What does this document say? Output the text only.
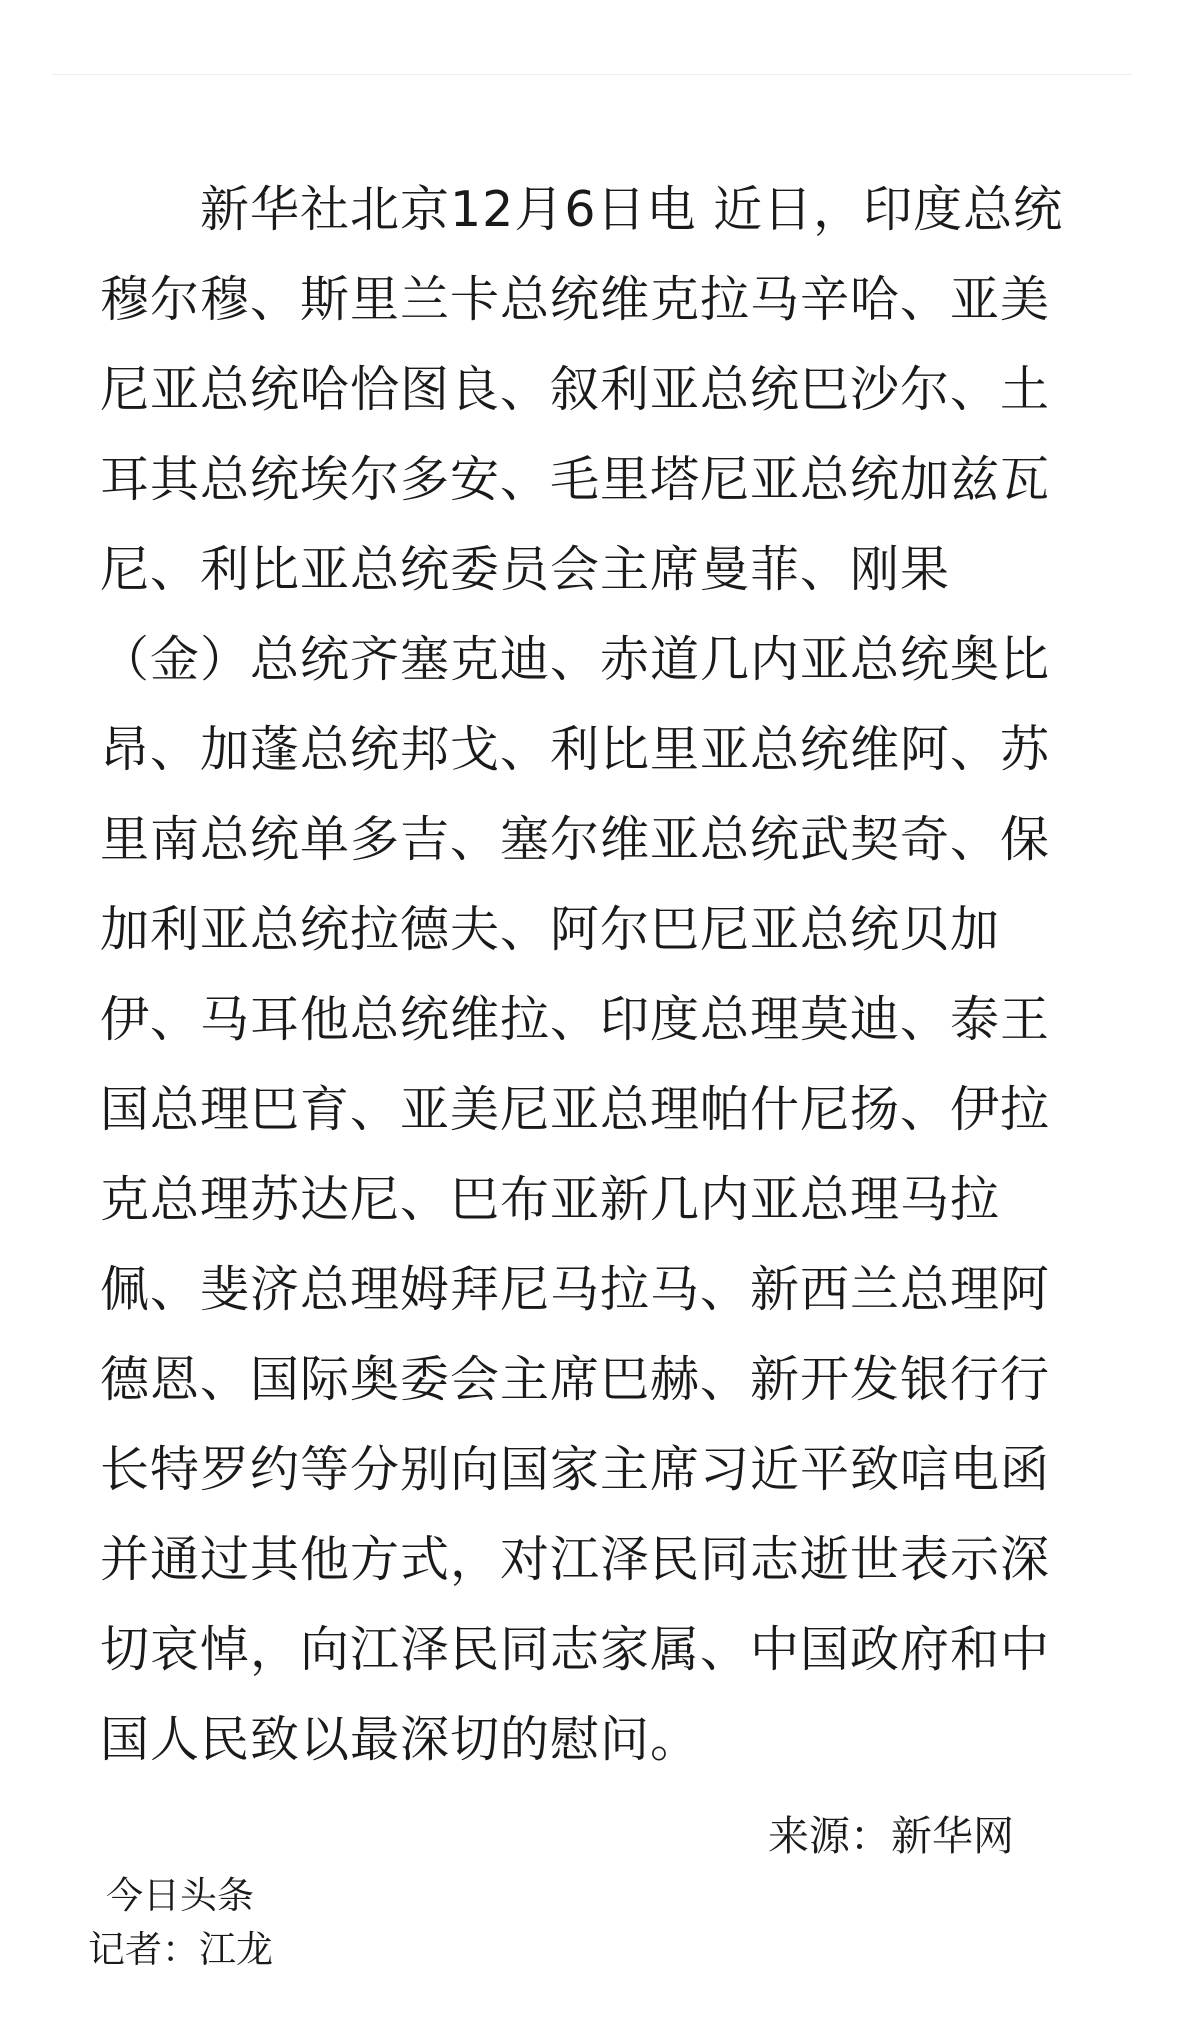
新华社北京12月6日电 近日，印度总统
穆尔穆、斯里兰卡总统维克拉马辛哈、亚美
尼亚总统哈恰图良、叙利亚总统巴沙尔、土
耳其总统埃尔多安、毛里塔尼亚总统加兹瓦
尼、利比亚总统委员会主席曼菲、刚果
（金）总统齐塞克迪、赤道几内亚总统奥比
昂、加蓬总统邦戈、利比里亚总统维阿、苏
里南总统单多吉、塞尔维亚总统武契奇、保
加利亚总统拉德夫、阿尔巴尼亚总统贝加
伊、马耳他总统维拉、印度总理莫迪、泰王
国总理巴育、亚美尼亚总理帕什尼扬、伊拉
克总理苏达尼、巴布亚新几内亚总理马拉
佩、斐济总理姆拜尼马拉马、新西兰总理阿
德恩、国际奥委会主席巴赫、新开发银行行
长特罗约等分别向国家主席习近平致唁电函
并通过其他方式，对江泽民同志逝世表示深
切哀悼，向江泽民同志家属、中国政府和中
国人民致以最深切的慰问。
来源：新华网
今日头条
记者：江龙
